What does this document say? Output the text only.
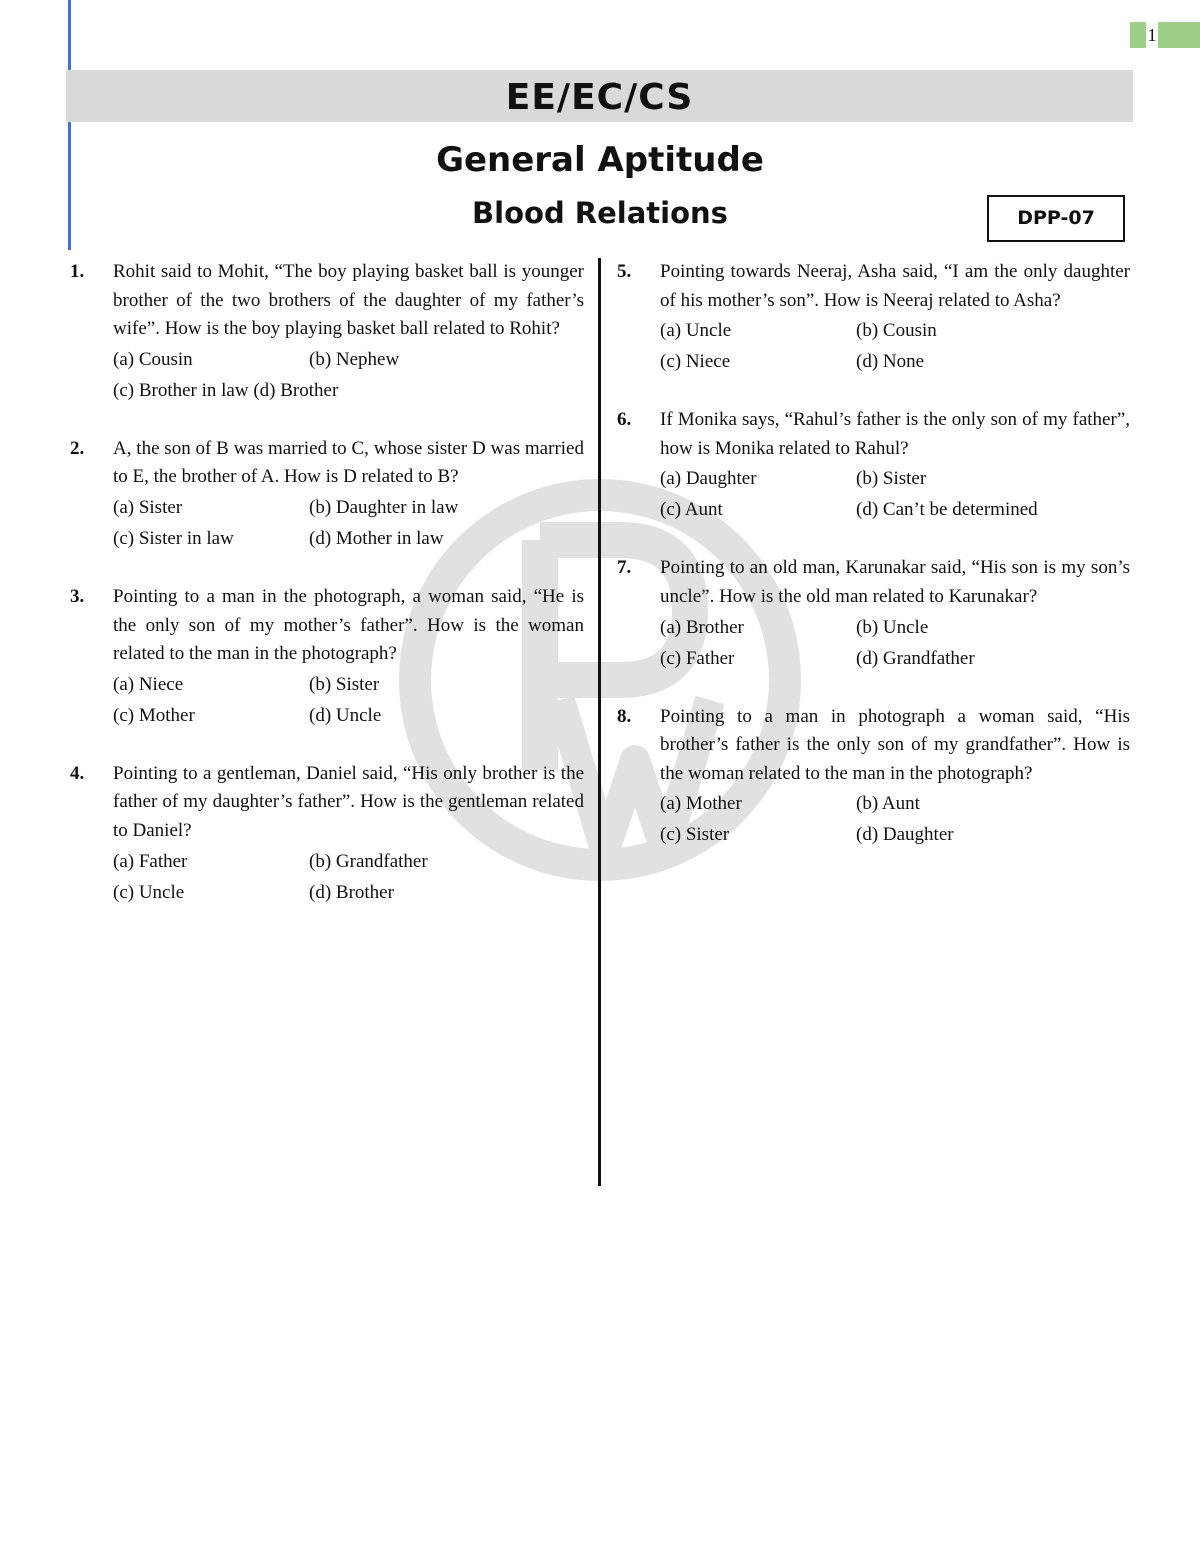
1
EE/EC/CS
General Aptitude
Blood Relations	DPP-07
1. Rohit said to Mohit, “The boy playing basket ball is younger brother of the two brothers of the daughter of my father’s wife”. How is the boy playing basket ball related to Rohit?
(a) Cousin	(b) Nephew
(c) Brother in law (d) Brother
2. A, the son of B was married to C, whose sister D was married to E, the brother of A. How is D related to B?
(a) Sister	(b) Daughter in law
(c) Sister in law	(d) Mother in law
3. Pointing to a man in the photograph, a woman said, “He is the only son of my mother’s father”. How is the woman related to the man in the photograph?
(a) Niece	(b) Sister
(c) Mother	(d) Uncle
4. Pointing to a gentleman, Daniel said, “His only brother is the father of my daughter’s father”. How is the gentleman related to Daniel?
(a) Father	(b) Grandfather
(c) Uncle	(d) Brother
5. Pointing towards Neeraj, Asha said, “I am the only daughter of his mother’s son”. How is Neeraj related to Asha?
(a) Uncle	(b) Cousin
(c) Niece	(d) None
6. If Monika says, “Rahul’s father is the only son of my father”, how is Monika related to Rahul?
(a) Daughter	(b) Sister
(c) Aunt	(d) Can’t be determined
7. Pointing to an old man, Karunakar said, “His son is my son’s uncle”. How is the old man related to Karunakar?
(a) Brother	(b) Uncle
(c) Father	(d) Grandfather
8. Pointing to a man in photograph a woman said, “His brother’s father is the only son of my grandfather”. How is the woman related to the man in the photograph?
(a) Mother	(b) Aunt
(c) Sister	(d) Daughter
